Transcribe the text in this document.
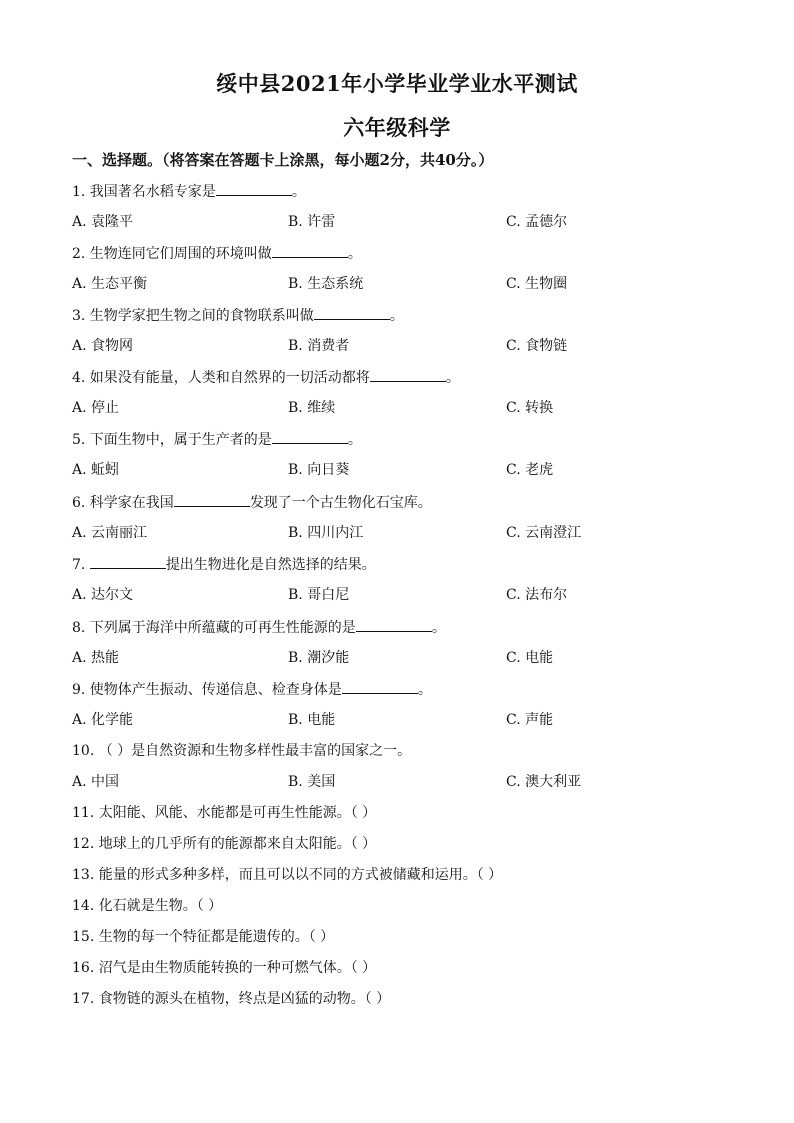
绥中县2021年小学毕业学业水平测试
六年级科学
一、选择题。（将答案在答题卡上涂黑，每小题2分，共40分。）
1. 我国著名水稻专家是	。
A. 袁隆平	B. 许雷	C. 孟德尔
2. 生物连同它们周围的环境叫做	。
A. 生态平衡	B. 生态系统	C. 生物圈
3. 生物学家把生物之间的食物联系叫做	。
A. 食物网	B. 消费者	C. 食物链
4. 如果没有能量，人类和自然界的一切活动都将	。
A. 停止	B. 维续	C. 转换
5. 下面生物中，属于生产者的是	。
A. 蚯蚓	B. 向日葵	C. 老虎
6. 科学家在我国	发现了一个古生物化石宝库。
A. 云南丽江	B. 四川内江	C. 云南澄江
7.	提出生物进化是自然选择的结果。
A. 达尔文	B. 哥白尼	C. 法布尔
8. 下列属于海洋中所蕴藏的可再生性能源的是	。
A. 热能	B. 潮汐能	C. 电能
9. 使物体产生振动、传递信息、检查身体是	。
A. 化学能	B. 电能	C. 声能
10. （ ）是自然资源和生物多样性最丰富的国家之一。
A. 中国	B. 美国	C. 澳大利亚
11. 太阳能、风能、水能都是可再生性能源。（ ）
12. 地球上的几乎所有的能源都来自太阳能。（ ）
13. 能量的形式多种多样，而且可以以不同的方式被储藏和运用。（ ）
14. 化石就是生物。（ ）
15. 生物的每一个特征都是能遗传的。（ ）
16. 沼气是由生物质能转换的一种可燃气体。（ ）
17. 食物链的源头在植物，终点是凶猛的动物。（ ）
